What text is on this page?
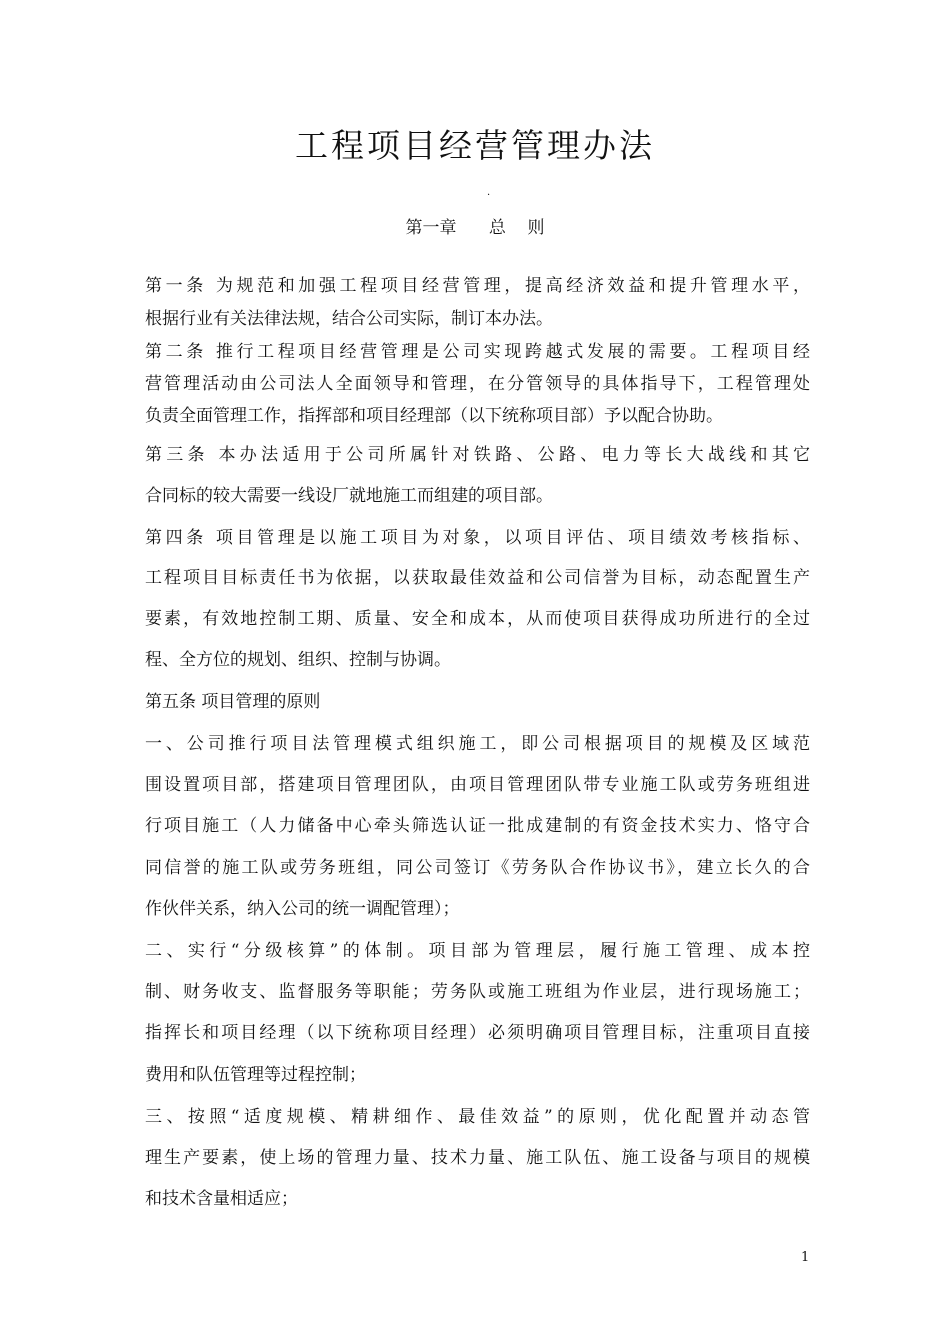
工程项目经营管理办法
·
第一章      总    则
第一条 为规范和加强工程项目经营管理，提高经济效益和提升管理水平，
根据行业有关法律法规，结合公司实际，制订本办法。
第二条 推行工程项目经营管理是公司实现跨越式发展的需要。工程项目经
营管理活动由公司法人全面领导和管理，在分管领导的具体指导下，工程管理处
负责全面管理工作，指挥部和项目经理部（以下统称项目部）予以配合协助。
第三条 本办法适用于公司所属针对铁路、公路、电力等长大战线和其它
合同标的较大需要一线设厂就地施工而组建的项目部。
第四条 项目管理是以施工项目为对象，以项目评估、项目绩效考核指标、
工程项目目标责任书为依据，以获取最佳效益和公司信誉为目标，动态配置生产
要素，有效地控制工期、质量、安全和成本，从而使项目获得成功所进行的全过
程、全方位的规划、组织、控制与协调。
第五条 项目管理的原则
一、公司推行项目法管理模式组织施工，即公司根据项目的规模及区域范
围设置项目部，搭建项目管理团队，由项目管理团队带专业施工队或劳务班组进
行项目施工（人力储备中心牵头筛选认证一批成建制的有资金技术实力、恪守合
同信誉的施工队或劳务班组，同公司签订《劳务队合作协议书》，建立长久的合
作伙伴关系，纳入公司的统一调配管理）；
二、实行“分级核算”的体制。项目部为管理层，履行施工管理、成本控
制、财务收支、监督服务等职能；劳务队或施工班组为作业层，进行现场施工；
指挥长和项目经理（以下统称项目经理）必须明确项目管理目标，注重项目直接
费用和队伍管理等过程控制；
三、按照“适度规模、精耕细作、最佳效益”的原则，优化配置并动态管
理生产要素，使上场的管理力量、技术力量、施工队伍、施工设备与项目的规模
和技术含量相适应；
1
